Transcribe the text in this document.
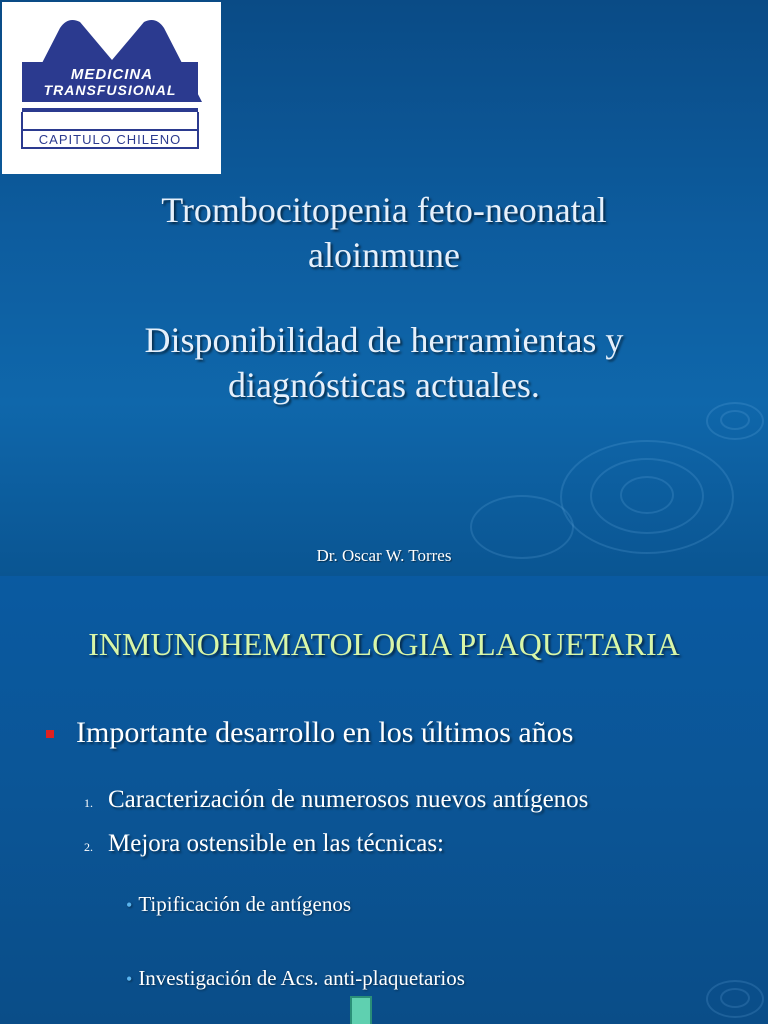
MEDICINA
TRANSFUSIONAL
CAPITULO CHILENO

Trombocitopenia feto-neonatal

aloinmune

Disponibilidad de herramientas y

diagnósticas actuales.

Dr. Oscar W. Torres
INMUNOHEMATOLOGIA PLAQUETARIA
Importante desarrollo en los últimos años
1. Caracterización de numerosos nuevos antígenos
2. Mejora ostensible en las técnicas:
• Tipificación de antígenos
• Investigación de Acs. anti-plaquetarios
